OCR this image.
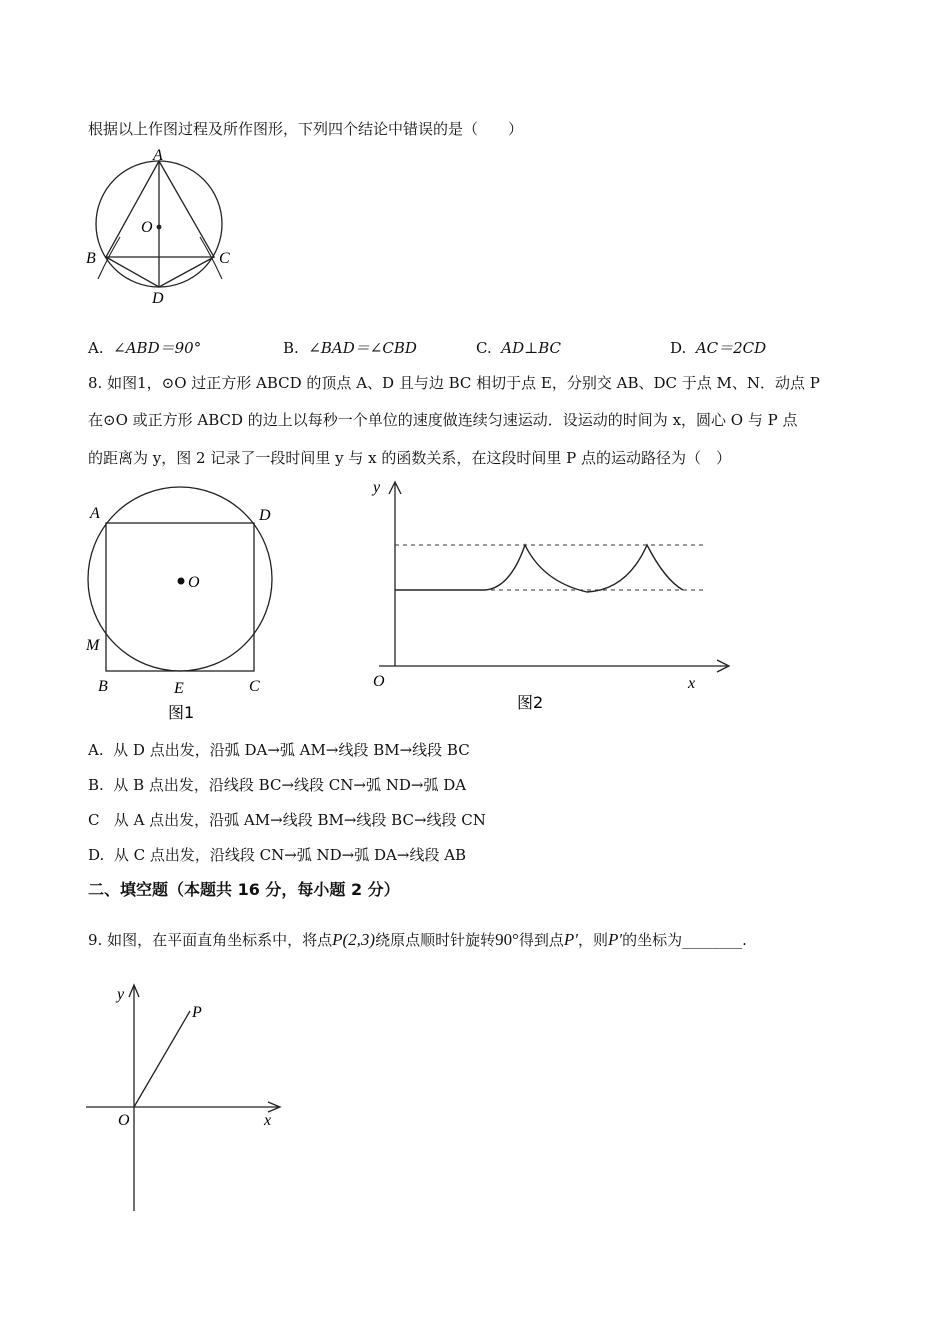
根据以上作图过程及所作图形，下列四个结论中错误的是（　　）
A
O
B	C
D
A. ∠ABD＝90°	B. ∠BAD＝∠CBD	C. AD⊥BC	D. AC＝2CD
8. 如图1，⊙O 过正方形 ABCD 的顶点 A、D 且与边 BC 相切于点 E，分别交 AB、DC 于点 M、N．动点 P
在⊙O 或正方形 ABCD 的边上以每秒一个单位的速度做连续匀速运动．设运动的时间为 x，圆心 O 与 P 点
的距离为 y，图 2 记录了一段时间里 y 与 x 的函数关系，在这段时间里 P 点的运动路径为（　）
A	D
O
M
B	E	C
图1
y
O	x
图2
A. 从 D 点出发，沿弧 DA→弧 AM→线段 BM→线段 BC
B. 从 B 点出发，沿线段 BC→线段 CN→弧 ND→弧 DA
C 从 A 点出发，沿弧 AM→线段 BM→线段 BC→线段 CN
D. 从 C 点出发，沿线段 CN→弧 ND→弧 DA→线段 AB
二、填空题（本题共 16 分，每小题 2 分）
9. 如图，在平面直角坐标系中，将点P(2,3)绕原点顺时针旋转90°得到点P′，则P′的坐标为________.
y
P
O	x
